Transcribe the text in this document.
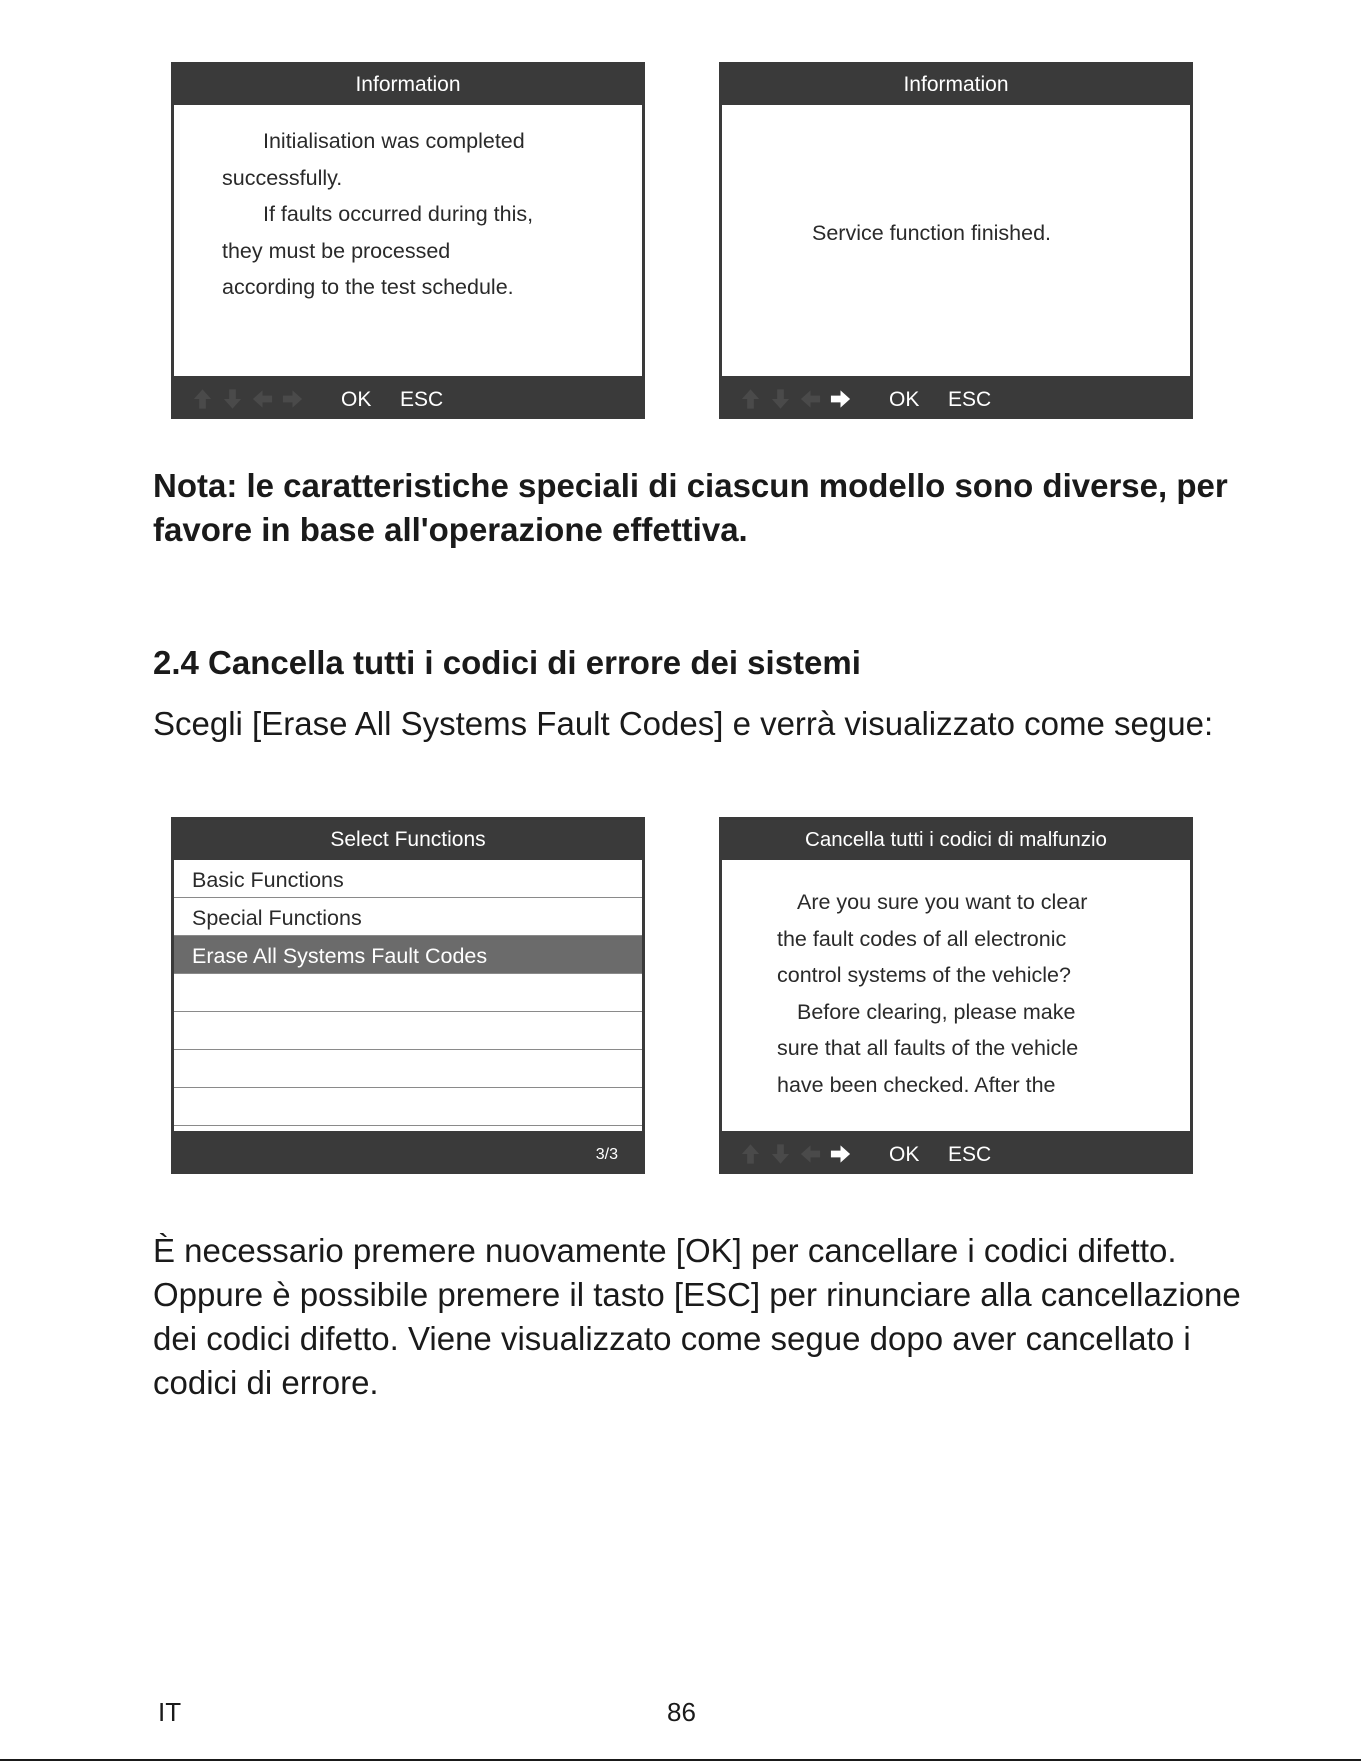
Information

Initialisation was completed

successfully.

If faults occurred during this,

they must be processed

according to the test schedule.

OK ESC
Information
Service function finished.
OK ESC
Nota: le caratteristiche speciali di ciascun modello sono diverse, per favore in base all'operazione effettiva.
2.4 Cancella tutti i codici di errore dei sistemi
Scegli [Erase All Systems Fault Codes] e verrà visualizzato come segue:
Select Functions
Basic Functions
Special Functions
Erase All Systems Fault Codes
3/3
Cancella tutti i codici di malfunzio

Are you sure you want to clear

the fault codes of all electronic

control systems of the vehicle?

Before clearing, please make

sure that all faults of the vehicle

have been checked. After the

OK ESC
È necessario premere nuovamente [OK] per cancellare i codici difetto. Oppure è possibile premere il tasto [ESC] per rinunciare alla cancellazione dei codici difetto. Viene visualizzato come segue dopo aver cancellato i codici di errore.
IT	86
